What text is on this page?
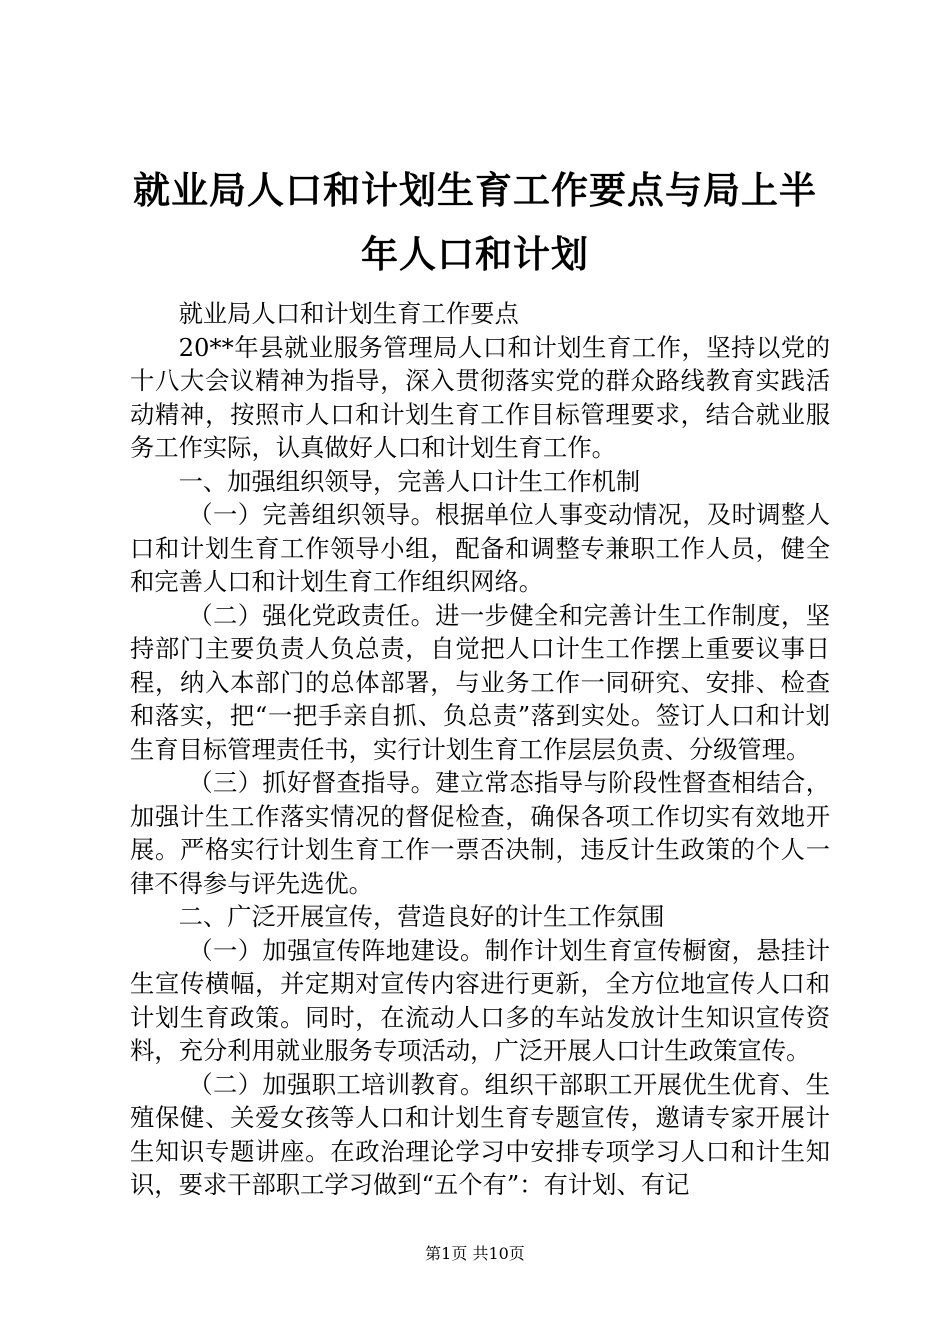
就业局人口和计划生育工作要点与局上半年人口和计划

就业局人口和计划生育工作要点

20**年县就业服务管理局人口和计划生育工作，坚持以党的十八大会议精神为指导，深入贯彻落实党的群众路线教育实践活动精神，按照市人口和计划生育工作目标管理要求，结合就业服务工作实际，认真做好人口和计划生育工作。

一、加强组织领导，完善人口计生工作机制

（一）完善组织领导。根据单位人事变动情况，及时调整人口和计划生育工作领导小组，配备和调整专兼职工作人员，健全和完善人口和计划生育工作组织网络。

（二）强化党政责任。进一步健全和完善计生工作制度，坚持部门主要负责人负总责，自觉把人口计生工作摆上重要议事日程，纳入本部门的总体部署，与业务工作一同研究、安排、检查和落实，把“一把手亲自抓、负总责”落到实处。签订人口和计划生育目标管理责任书，实行计划生育工作层层负责、分级管理。

（三）抓好督查指导。建立常态指导与阶段性督查相结合，加强计生工作落实情况的督促检查，确保各项工作切实有效地开展。严格实行计划生育工作一票否决制，违反计生政策的个人一律不得参与评先选优。

二、广泛开展宣传，营造良好的计生工作氛围

（一）加强宣传阵地建设。制作计划生育宣传橱窗，悬挂计生宣传横幅，并定期对宣传内容进行更新，全方位地宣传人口和计划生育政策。同时，在流动人口多的车站发放计生知识宣传资料，充分利用就业服务专项活动，广泛开展人口计生政策宣传。

（二）加强职工培训教育。组织干部职工开展优生优育、生殖保健、关爱女孩等人口和计划生育专题宣传，邀请专家开展计生知识专题讲座。在政治理论学习中安排专项学习人口和计生知识，要求干部职工学习做到“五个有”：有计划、有记

第1页 共10页
